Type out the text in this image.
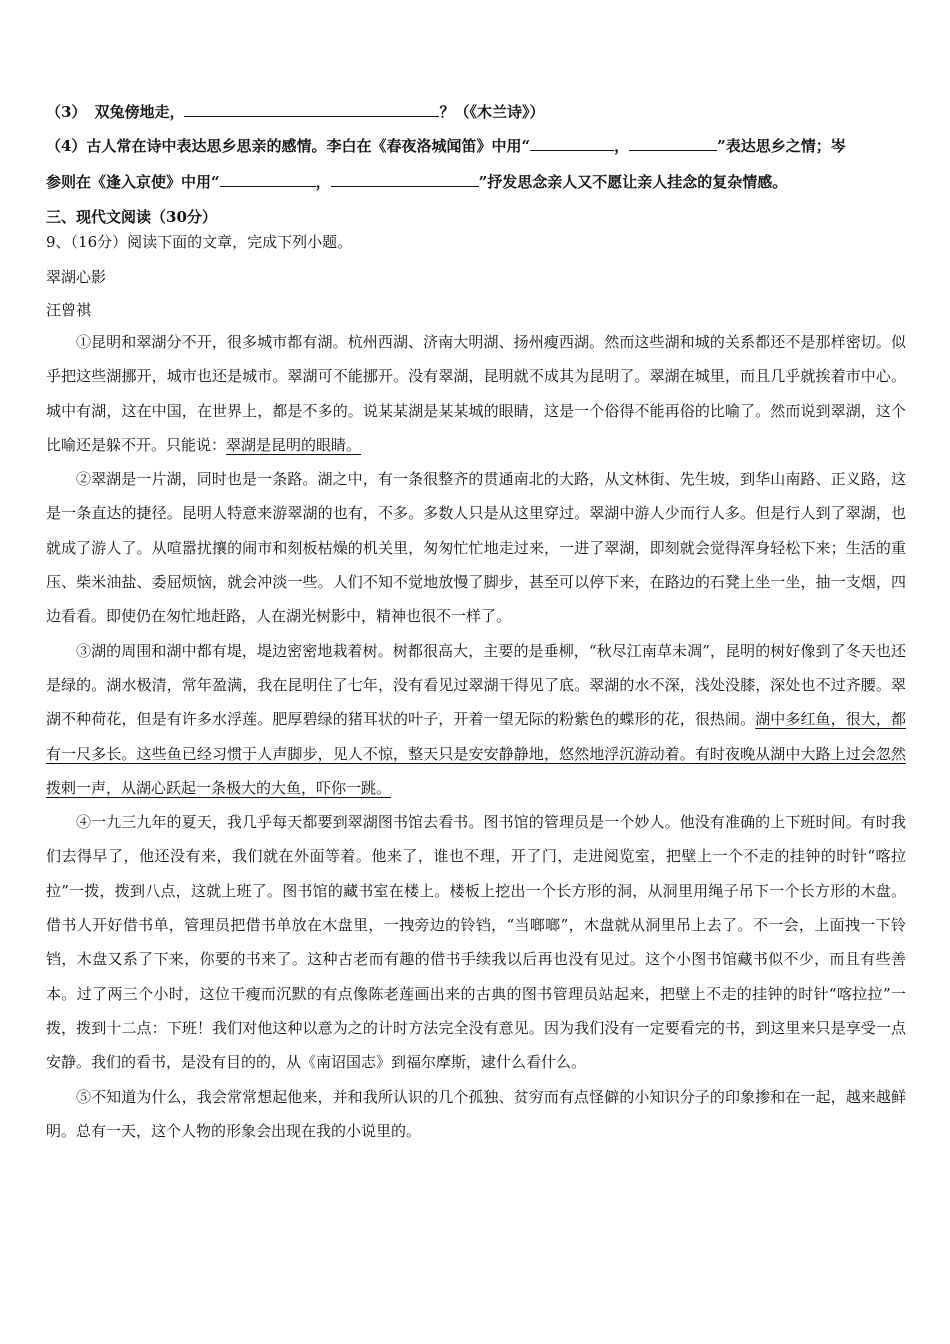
（3） 双兔傍地走，	？（《木兰诗》）
（4）古人常在诗中表达思乡思亲的感情。李白在《春夜洛城闻笛》中用“	，	”表达思乡之情；岑
参则在《逢入京使》中用“	，	”抒发思念亲人又不愿让亲人挂念的复杂情感。
三、现代文阅读（30分）
9、（16分）阅读下面的文章，完成下列小题。
翠湖心影
汪曾祺

①昆明和翠湖分不开，很多城市都有湖。杭州西湖、济南大明湖、扬州瘦西湖。然而这些湖和城的关系都还不是那样密切。似乎把这些湖挪开，城市也还是城市。翠湖可不能挪开。没有翠湖，昆明就不成其为昆明了。翠湖在城里，而且几乎就挨着市中心。城中有湖，这在中国，在世界上，都是不多的。说某某湖是某某城的眼睛，这是一个俗得不能再俗的比喻了。然而说到翠湖，这个比喻还是躲不开。只能说：翠湖是昆明的眼睛。

②翠湖是一片湖，同时也是一条路。湖之中，有一条很整齐的贯通南北的大路，从文林街、先生坡，到华山南路、正义路，这是一条直达的捷径。昆明人特意来游翠湖的也有，不多。多数人只是从这里穿过。翠湖中游人少而行人多。但是行人到了翠湖，也就成了游人了。从喧嚣扰攘的闹市和刻板枯燥的机关里，匆匆忙忙地走过来，一进了翠湖，即刻就会觉得浑身轻松下来；生活的重压、柴米油盐、委屈烦恼，就会冲淡一些。人们不知不觉地放慢了脚步，甚至可以停下来，在路边的石凳上坐一坐，抽一支烟，四边看看。即使仍在匆忙地赶路，人在湖光树影中，精神也很不一样了。

③湖的周围和湖中都有堤，堤边密密地栽着树。树都很高大，主要的是垂柳，“秋尽江南草未凋”，昆明的树好像到了冬天也还是绿的。湖水极清，常年盈满，我在昆明住了七年，没有看见过翠湖干得见了底。翠湖的水不深，浅处没膝，深处也不过齐腰。翠湖不种荷花，但是有许多水浮莲。肥厚碧绿的猪耳状的叶子，开着一望无际的粉紫色的蝶形的花，很热闹。湖中多红鱼，很大，都有一尺多长。这些鱼已经习惯于人声脚步，见人不惊，整天只是安安静静地，悠然地浮沉游动着。有时夜晚从湖中大路上过会忽然拨剌一声，从湖心跃起一条极大的大鱼，吓你一跳。

④一九三九年的夏天，我几乎每天都要到翠湖图书馆去看书。图书馆的管理员是一个妙人。他没有准确的上下班时间。有时我们去得早了，他还没有来，我们就在外面等着。他来了，谁也不理，开了门，走进阅览室，把壁上一个不走的挂钟的时针“喀拉拉”一拨，拨到八点，这就上班了。图书馆的藏书室在楼上。楼板上挖出一个长方形的洞，从洞里用绳子吊下一个长方形的木盘。借书人开好借书单，管理员把借书单放在木盘里，一拽旁边的铃铛，“当啷啷”，木盘就从洞里吊上去了。不一会，上面拽一下铃铛，木盘又系了下来，你要的书来了。这种古老而有趣的借书手续我以后再也没有见过。这个小图书馆藏书似不少，而且有些善本。过了两三个小时，这位干瘦而沉默的有点像陈老莲画出来的古典的图书管理员站起来，把壁上不走的挂钟的时针“喀拉拉”一拨，拨到十二点：下班！我们对他这种以意为之的计时方法完全没有意见。因为我们没有一定要看完的书，到这里来只是享受一点安静。我们的看书，是没有目的的，从《南诏国志》到福尔摩斯，逮什么看什么。

⑤不知道为什么，我会常常想起他来，并和我所认识的几个孤独、贫穷而有点怪僻的小知识分子的印象掺和在一起，越来越鲜明。总有一天，这个人物的形象会出现在我的小说里的。
